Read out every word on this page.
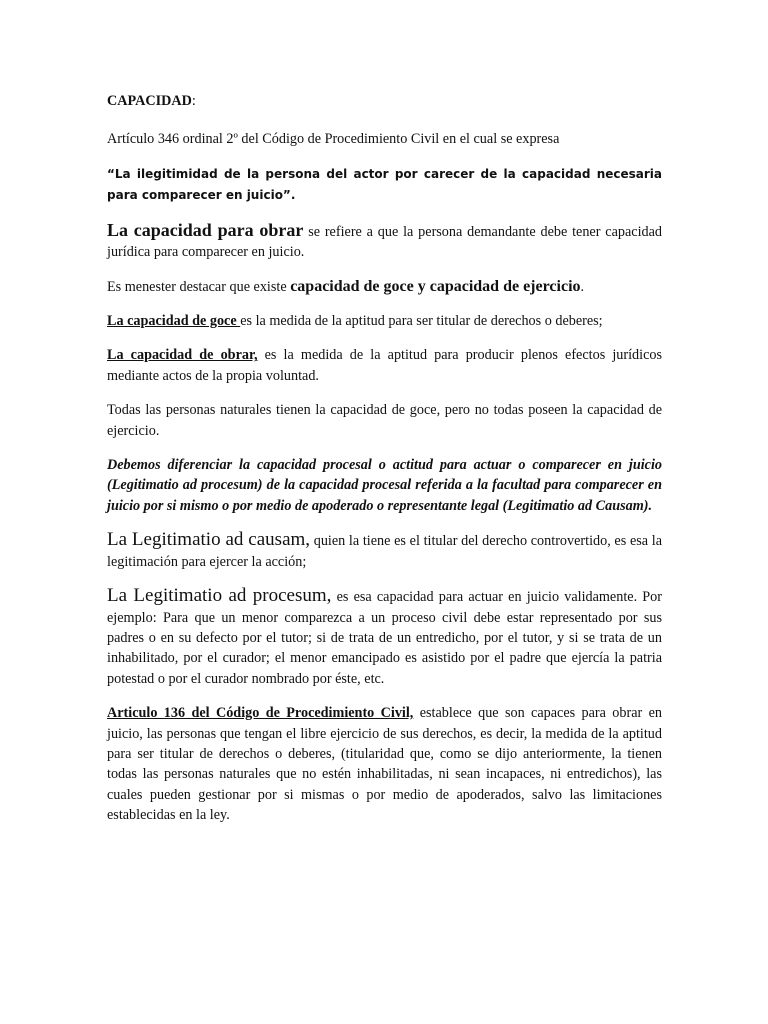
CAPACIDAD:

Artículo 346 ordinal 2º del Código de Procedimiento Civil en el cual se expresa

“La ilegitimidad de la persona del actor por carecer de la capacidad necesaria para comparecer en juicio”.

La capacidad para obrar se refiere a que la persona demandante debe tener capacidad jurídica para comparecer en juicio.

Es menester destacar que existe capacidad de goce y capacidad de ejercicio.

La capacidad de goce es la medida de la aptitud para ser titular de derechos o deberes;

La capacidad de obrar, es la medida de la aptitud para producir plenos efectos jurídicos mediante actos de la propia voluntad.

Todas las personas naturales tienen la capacidad de goce, pero no todas poseen la capacidad de ejercicio.

Debemos diferenciar la capacidad procesal o actitud para actuar o comparecer en juicio (Legitimatio ad procesum) de la capacidad procesal referida a la facultad para comparecer en juicio por si mismo o por medio de apoderado o representante legal (Legitimatio ad Causam).

La Legitimatio ad causam, quien la tiene es el titular del derecho controvertido, es esa la legitimación para ejercer la acción;

La Legitimatio ad procesum, es esa capacidad para actuar en juicio validamente. Por ejemplo: Para que un menor comparezca a un proceso civil debe estar representado por sus padres o en su defecto por el tutor; si de trata de un entredicho, por el tutor, y si se trata de un inhabilitado, por el curador; el menor emancipado es asistido por el padre que ejercía la patria potestad o por el curador nombrado por éste, etc.

Articulo 136 del Código de Procedimiento Civil, establece que son capaces para obrar en juicio, las personas que tengan el libre ejercicio de sus derechos, es decir, la medida de la aptitud para ser titular de derechos o deberes, (titularidad que, como se dijo anteriormente, la tienen todas las personas naturales que no estén inhabilitadas, ni sean incapaces, ni entredichos), las cuales pueden gestionar por si mismas o por medio de apoderados, salvo las limitaciones establecidas en la ley.
